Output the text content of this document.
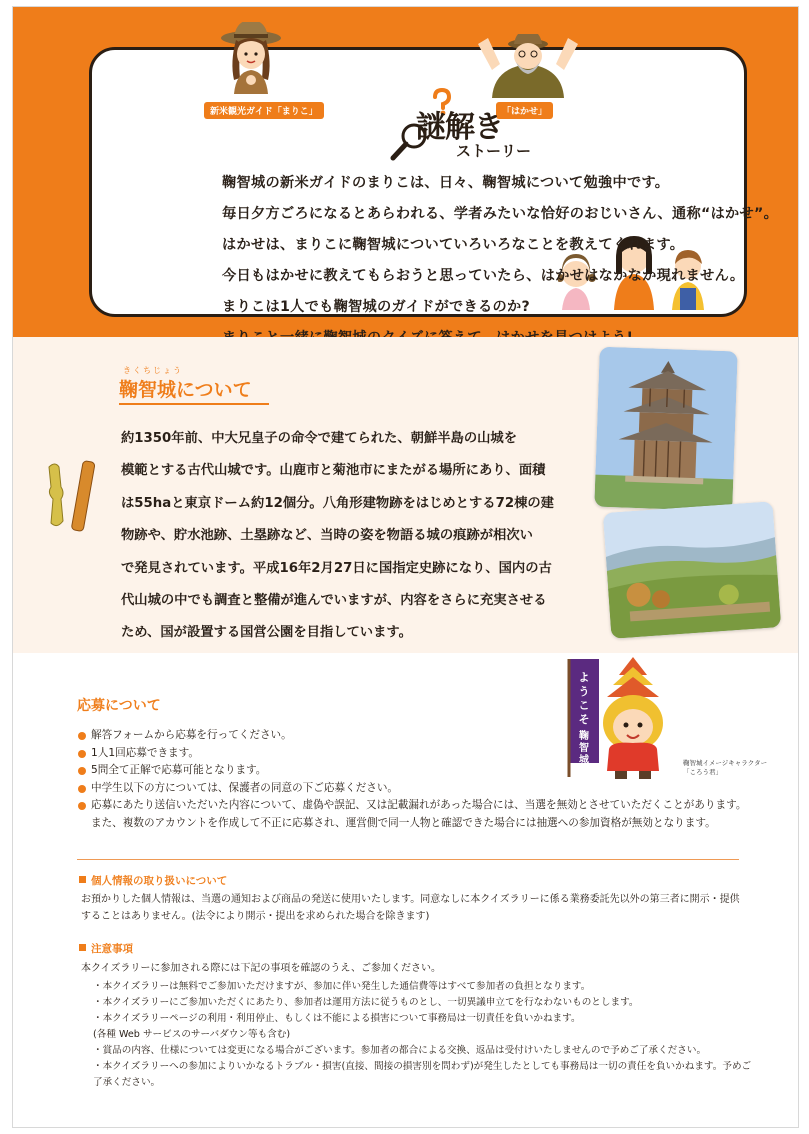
新米観光ガイド「まりこ」	「はかせ」
謎解き
ストーリー
鞠智城の新米ガイドのまりこは、日々、鞠智城について勉強中です。
毎日夕方ごろになるとあらわれる、学者みたいな恰好のおじいさん、通称“はかせ”。
はかせは、まりこに鞠智城についていろいろなことを教えてくれます。
今日もはかせに教えてもらおうと思っていたら、はかせはなかなか現れません。
まりこは1人でも鞠智城のガイドができるのか?
きくちじょう
鞠智城について
約1350年前、中大兄皇子の命令で建てられた、朝鮮半島の山城を
模範とする古代山城です。山鹿市と菊池市にまたがる場所にあり、面積
は55haと東京ドーム約12個分。八角形建物跡をはじめとする72棟の建
物跡や、貯水池跡、土塁跡など、当時の姿を物語る城の痕跡が相次い
で発見されています。平成16年2月27日に国指定史跡になり、国内の古
代山城の中でも調査と整備が進んでいますが、内容をさらに充実させる
ため、国が設置する国営公園を目指しています。
応募について
よ
う
こ
そ
鞠
智
城
へ
鞠智城イメージキャラクター
「ころう君」
解答フォームから応募を行ってください。
1人1回応募できます。
5問全て正解で応募可能となります。
中学生以下の方については、保護者の同意の下ご応募ください。
応募にあたり送信いただいた内容について、虚偽や誤記、又は記載漏れがあった場合には、当選を無効とさせていただくことがあります。また、複数のアカウントを作成して不正に応募され、運営側で同一人物と確認できた場合には抽選への参加資格が無効となります。
個人情報の取り扱いについて
お預かりした個人情報は、当選の通知および商品の発送に使用いたします。同意なしに本クイズラリーに係る業務委託先以外の第三者に開示・提供することはありません。(法令により開示・提出を求められた場合を除きます)
注意事項
本クイズラリーに参加される際には下記の事項を確認のうえ、ご参加ください。
・本クイズラリーは無料でご参加いただけますが、参加に伴い発生した通信費等はすべて参加者の負担となります。
・本クイズラリーにご参加いただくにあたり、参加者は運用方法に従うものとし、一切異議申立てを行なわないものとします。
・本クイズラリーページの利用・利用停止、もしくは不能による損害について事務局は一切責任を負いかねます。
(各種 Web サービスのサーバダウン等も含む)
・賞品の内容、仕様については変更になる場合がございます。参加者の都合による交換、返品は受付けいたしませんので予めご了承ください。
・本クイズラリーへの参加によりいかなるトラブル・損害(直接、間接の損害別を問わず)が発生したとしても事務局は一切の責任を負いかねます。予めご了承ください。
